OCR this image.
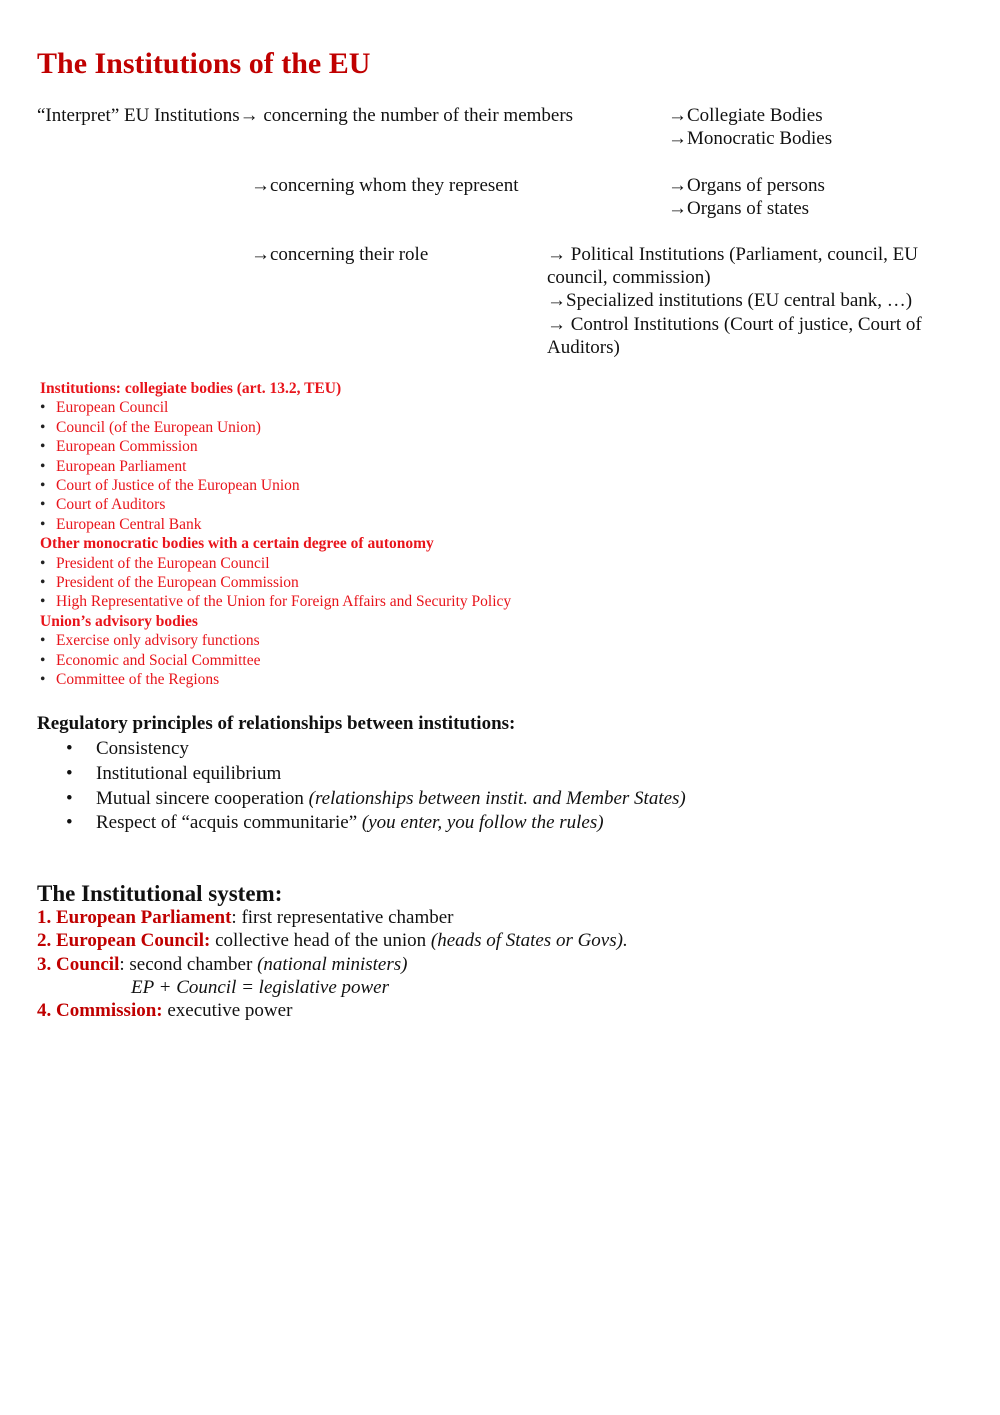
The Institutions of the EU
“Interpret” EU Institutions→ concerning the number of their members	→Collegiate Bodies
→Monocratic Bodies
→concerning whom they represent	→Organs of persons
→Organs of states
→concerning their role	→ Political Institutions (Parliament, council, EU council, commission)
→Specialized institutions (EU central bank, …)
→ Control Institutions (Court of justice, Court of Auditors)
Institutions: collegiate bodies (art. 13.2, TEU)
• European Council
• Council (of the European Union)
• European Commission
• European Parliament
• Court of Justice of the European Union
• Court of Auditors
• European Central Bank
Other monocratic bodies with a certain degree of autonomy
• President of the European Council
• President of the European Commission
• High Representative of the Union for Foreign Affairs and Security Policy
Union’s advisory bodies
• Exercise only advisory functions
• Economic and Social Committee
• Committee of the Regions
Regulatory principles of relationships between institutions:
• Consistency
• Institutional equilibrium
• Mutual sincere cooperation (relationships between instit. and Member States)
• Respect of “acquis communitarie” (you enter, you follow the rules)
The Institutional system:
1. European Parliament: first representative chamber
2. European Council: collective head of the union (heads of States or Govs).
3. Council: second chamber (national ministers)
EP + Council = legislative power
4. Commission: executive power
